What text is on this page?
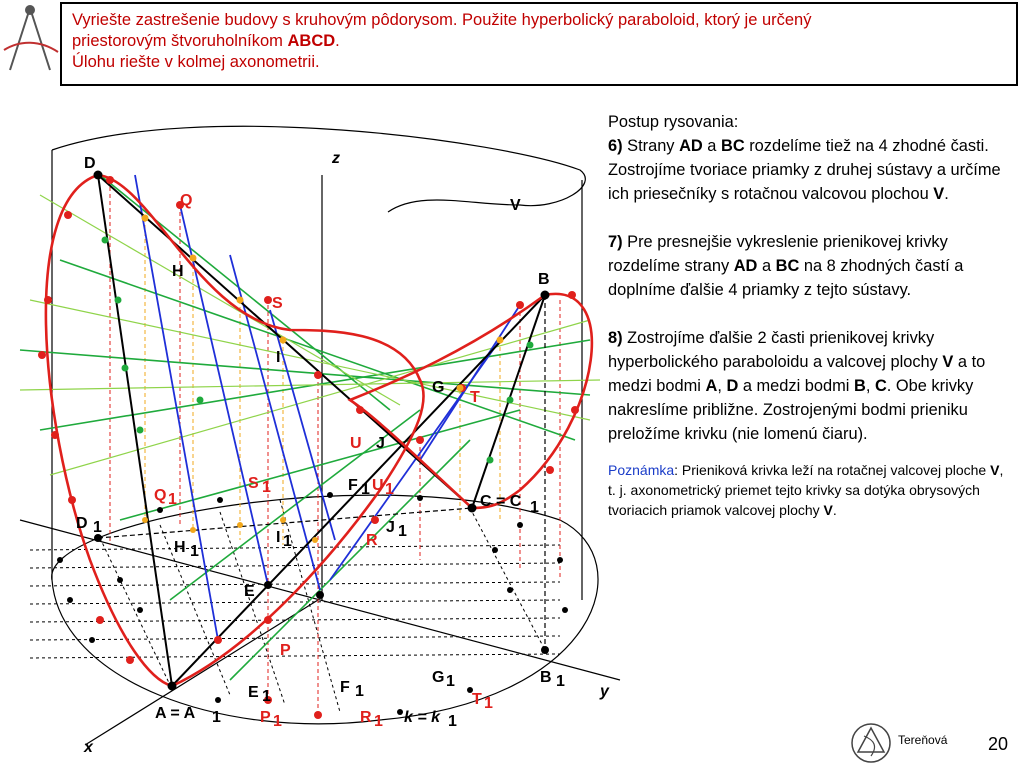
Vyriešte zastrešenie budovy s kruhovým pôdorysom. Použite hyperbolický paraboloid, ktorý je určený
priestorovým štvoruholníkom ABCD.
Úlohu riešte v kolmej axonometrii.
D
Q
H
S
I
z
V
B
G
T
U J
F U
S
Q	C = C
D
H
I
J
R
E
P
A = A
E
P
F
R k = k
G
T
B
y
x
1
1
1
1
1
1
1
1
1
1	1
1
1
1
1 1
1
1
Postup rysovania:

6) Strany AD a BC rozdelíme tiež na 4 zhodné časti. Zostrojíme tvoriace priamky z druhej sústavy a určíme ich priesečníky s rotačnou valcovou plochou V.

7) Pre presnejšie vykreslenie prienikovej krivky rozdelíme strany AD a BC na 8 zhodných častí a doplníme ďalšie 4 priamky z tejto sústavy.

8) Zostrojíme ďalšie 2 časti prienikovej krivky hyperbolického paraboloidu a valcovej plochy V a to medzi bodmi A, D a medzi bodmi B, C. Obe krivky nakreslíme približne. Zostrojenými bodmi prieniku preložíme krivku (nie lomenú čiaru).

Poznámka: Prieniková krivka leží na rotačnej valcovej ploche V, t. j. axonometrický priemet tejto krivky sa dotýka obrysových tvoriacich priamok valcovej plochy V.

Tereňová 20
